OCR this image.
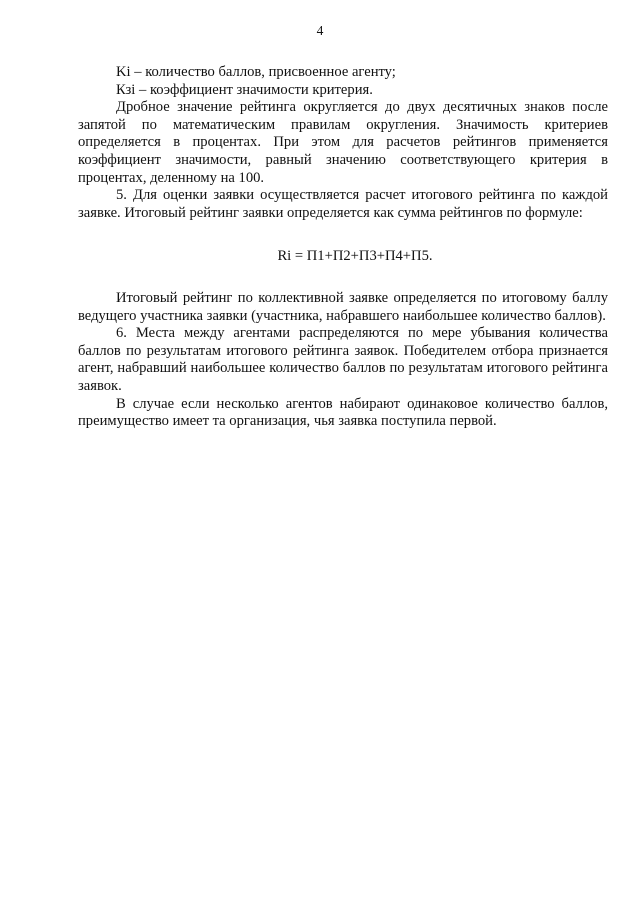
4

Ki – количество баллов, присвоенное агенту;

Кзi – коэффициент значимости критерия.

Дробное значение рейтинга округляется до двух десятичных знаков после запятой по математическим правилам округления. Значимость критериев определяется в процентах. При этом для расчетов рейтингов применяется коэффициент значимости, равный значению соответствующего критерия в процентах, деленному на 100.

5. Для оценки заявки осуществляется расчет итогового рейтинга по каждой заявке. Итоговый рейтинг заявки определяется как сумма рейтингов по формуле:

Ri = П1+П2+П3+П4+П5.

Итоговый рейтинг по коллективной заявке определяется по итоговому баллу ведущего участника заявки (участника, набравшего наибольшее количество баллов).

6. Места между агентами распределяются по мере убывания количества баллов по результатам итогового рейтинга заявок. Победителем отбора признается агент, набравший наибольшее количество баллов по результатам итогового рейтинга заявок.

В случае если несколько агентов набирают одинаковое количество баллов, преимущество имеет та организация, чья заявка поступила первой.
